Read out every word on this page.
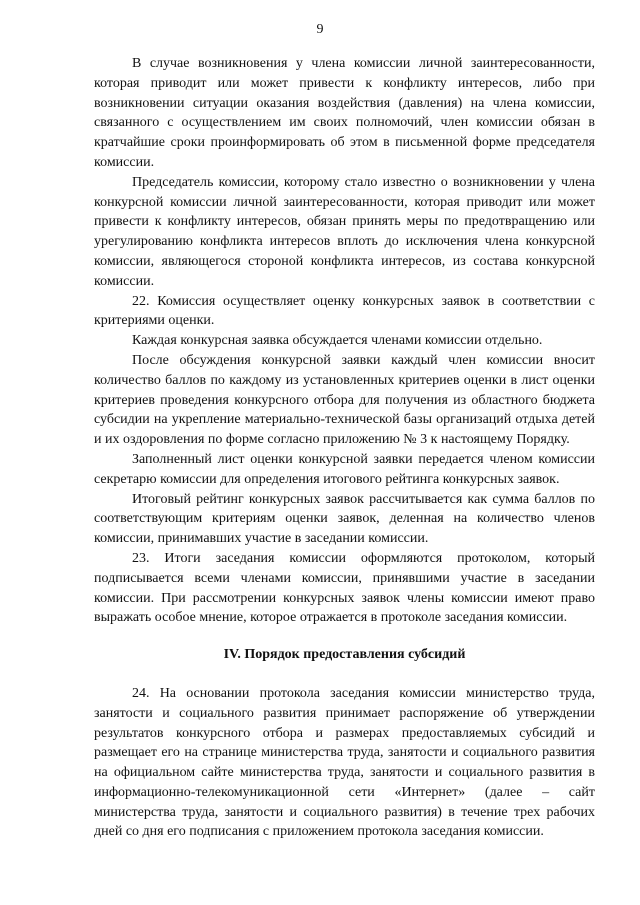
9

В случае возникновения у члена комиссии личной заинтересованности, которая приводит или может привести к конфликту интересов, либо при возникновении ситуации оказания воздействия (давления) на члена комиссии, связанного с осуществлением им своих полномочий, член комиссии обязан в кратчайшие сроки проинформировать об этом в письменной форме председателя комиссии.

Председатель комиссии, которому стало известно о возникновении у члена конкурсной комиссии личной заинтересованности, которая приводит или может привести к конфликту интересов, обязан принять меры по предотвращению или урегулированию конфликта интересов вплоть до исключения члена конкурсной комиссии, являющегося стороной конфликта интересов, из состава конкурсной комиссии.

22. Комиссия осуществляет оценку конкурсных заявок в соответствии с критериями оценки.

Каждая конкурсная заявка обсуждается членами комиссии отдельно.

После обсуждения конкурсной заявки каждый член комиссии вносит количество баллов по каждому из установленных критериев оценки в лист оценки критериев проведения конкурсного отбора для получения из областного бюджета субсидии на укрепление материально-технической базы организаций отдыха детей и их оздоровления по форме согласно приложению № 3 к настоящему Порядку.

Заполненный лист оценки конкурсной заявки передается членом комиссии секретарю комиссии для определения итогового рейтинга конкурсных заявок.

Итоговый рейтинг конкурсных заявок рассчитывается как сумма баллов по соответствующим критериям оценки заявок, деленная на количество членов комиссии, принимавших участие в заседании комиссии.

23. Итоги заседания комиссии оформляются протоколом, который подписывается всеми членами комиссии, принявшими участие в заседании комиссии. При рассмотрении конкурсных заявок члены комиссии имеют право выражать особое мнение, которое отражается в протоколе заседания комиссии.

IV. Порядок предоставления субсидий

24. На основании протокола заседания комиссии министерство труда, занятости и социального развития принимает распоряжение об утверждении результатов конкурсного отбора и размерах предоставляемых субсидий и размещает его на странице министерства труда, занятости и социального развития на официальном сайте министерства труда, занятости и социального развития в информационно-телекомуникационной сети «Интернет» (далее – сайт министерства труда, занятости и социального развития) в течение трех рабочих дней со дня его подписания с приложением протокола заседания комиссии.
